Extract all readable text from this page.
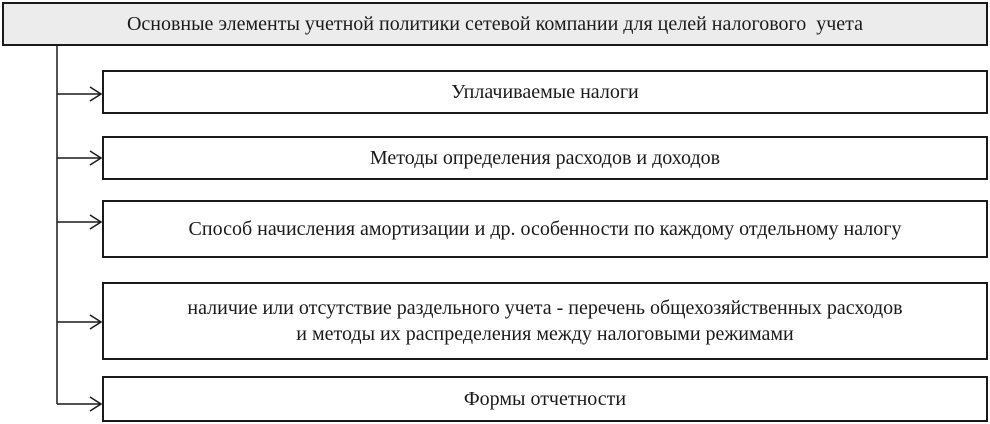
Основные элементы учетной политики сетевой компании для целей налогового  учета
Уплачиваемые налоги
Методы определения расходов и доходов
Способ начисления амортизации и др. особенности по каждому отдельному налогу
наличие или отсутствие раздельного учета - перечень общехозяйственных расходов
и методы их распределения между налоговыми режимами
Формы отчетности
